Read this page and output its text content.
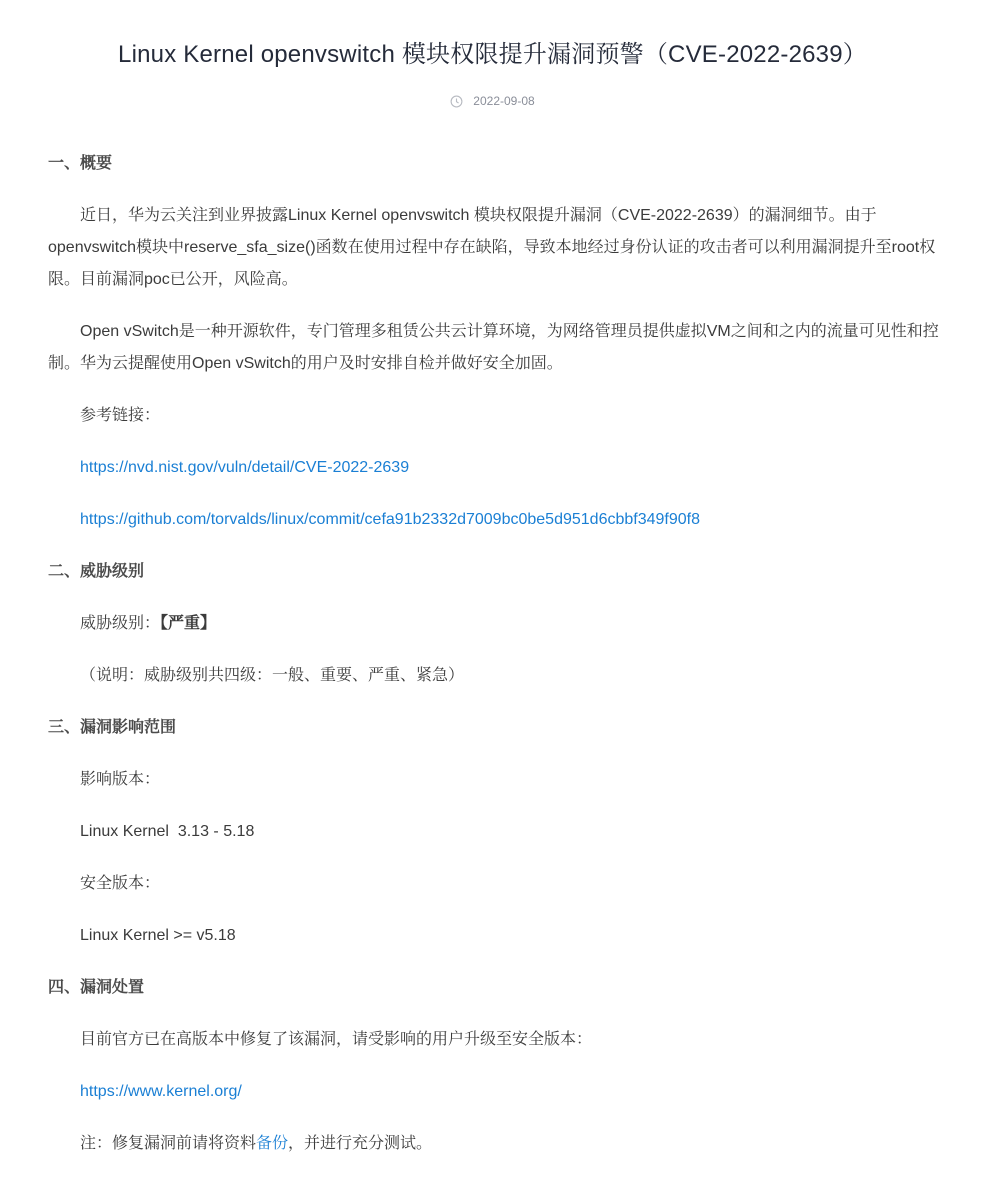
Linux Kernel openvswitch 模块权限提升漏洞预警（CVE-2022-2639）
2022-09-08
一、概要

近日，华为云关注到业界披露Linux Kernel openvswitch 模块权限提升漏洞（CVE-2022-2639）的漏洞细节。由于 openvswitch模块中reserve_sfa_size()函数在使用过程中存在缺陷，导致本地经过身份认证的攻击者可以利用漏洞提升至root权限。目前漏洞poc已公开，风险高。

Open vSwitch是一种开源软件，专门管理多租赁公共云计算环境，为网络管理员提供虚拟VM之间和之内的流量可见性和控制。华为云提醒使用Open vSwitch的用户及时安排自检并做好安全加固。

参考链接：
https://nvd.nist.gov/vuln/detail/CVE-2022-2639
https://github.com/torvalds/linux/commit/cefa91b2332d7009bc0be5d951d6cbbf349f90f8
二、威胁级别
威胁级别：【严重】
（说明：威胁级别共四级：一般、重要、严重、紧急）
三、漏洞影响范围
影响版本：
Linux Kernel  3.13 - 5.18
安全版本：
Linux Kernel >= v5.18
四、漏洞处置
目前官方已在高版本中修复了该漏洞，请受影响的用户升级至安全版本：
https://www.kernel.org/
注：修复漏洞前请将资料备份，并进行充分测试。
